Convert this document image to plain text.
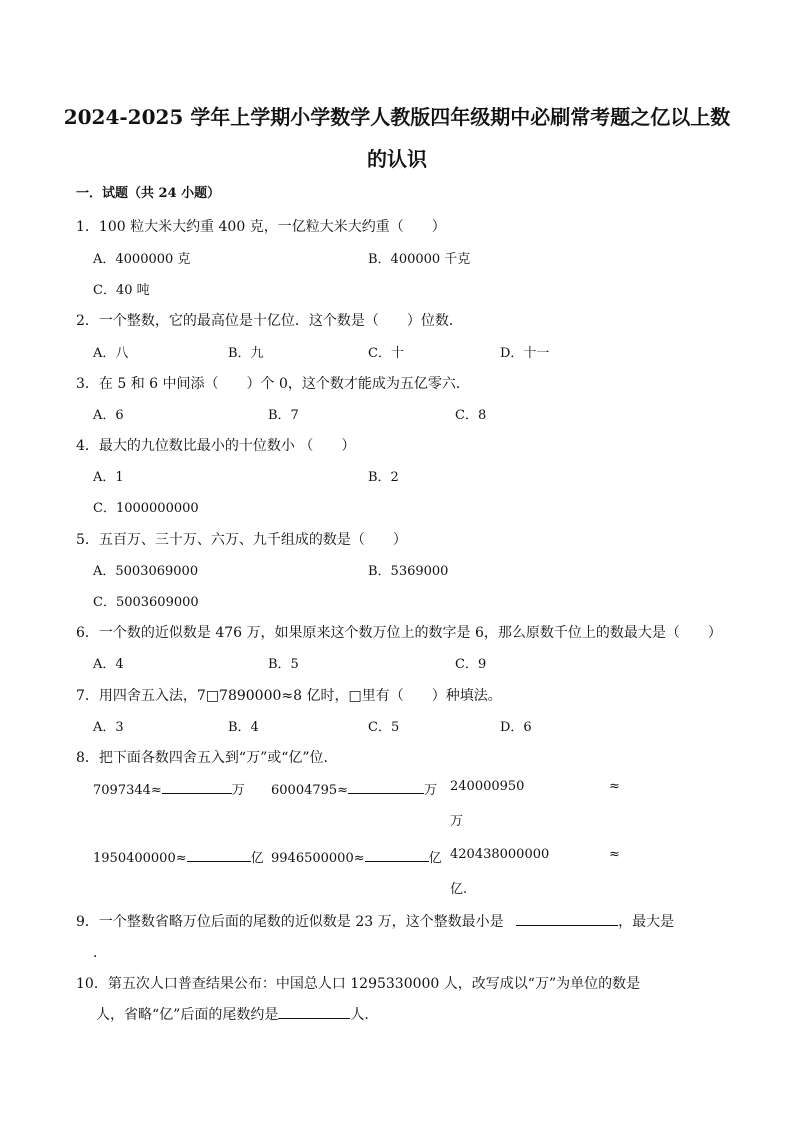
2024-2025 学年上学期小学数学人教版四年级期中必刷常考题之亿以上数
的认识
一．试题（共 24 小题）
1．100 粒大米大约重 400 克，一亿粒大米大约重（　　）
A．4000000 克	B．400000 千克
C．40 吨
2．一个整数，它的最高位是十亿位．这个数是（　　）位数．
A．八	B．九	C．十	D．十一
3．在 5 和 6 中间添（　　）个 0，这个数才能成为五亿零六．
A．6	B．7	C．8
4．最大的九位数比最小的十位数小 （　　）
A．1	B．2
C．1000000000
5．五百万、三十万、六万、九千组成的数是（　　）
A．5003069000	B．5369000
C．5003609000
6．一个数的近似数是 476 万，如果原来这个数万位上的数字是 6，那么原数千位上的数最大是（　　）
A．4	B．5	C．9
7．用四舍五入法，7□7890000≈8 亿时，□里有（　　）种填法。
A．3	B．4	C．5	D．6
8．把下面各数四舍五入到“万”或“亿”位．
7097344≈	万 60004795≈	万 240000950	≈
万
1950400000≈	亿 9946500000≈	亿 420438000000	≈
亿.
9．一个整数省略万位后面的尾数的近似数是 23 万，这个整数最小是	，最大是
．
10．第五次人口普查结果公布：中国总人口 1295330000 人，改写成以“万”为单位的数是
人，省略“亿”后面的尾数约是	人．
